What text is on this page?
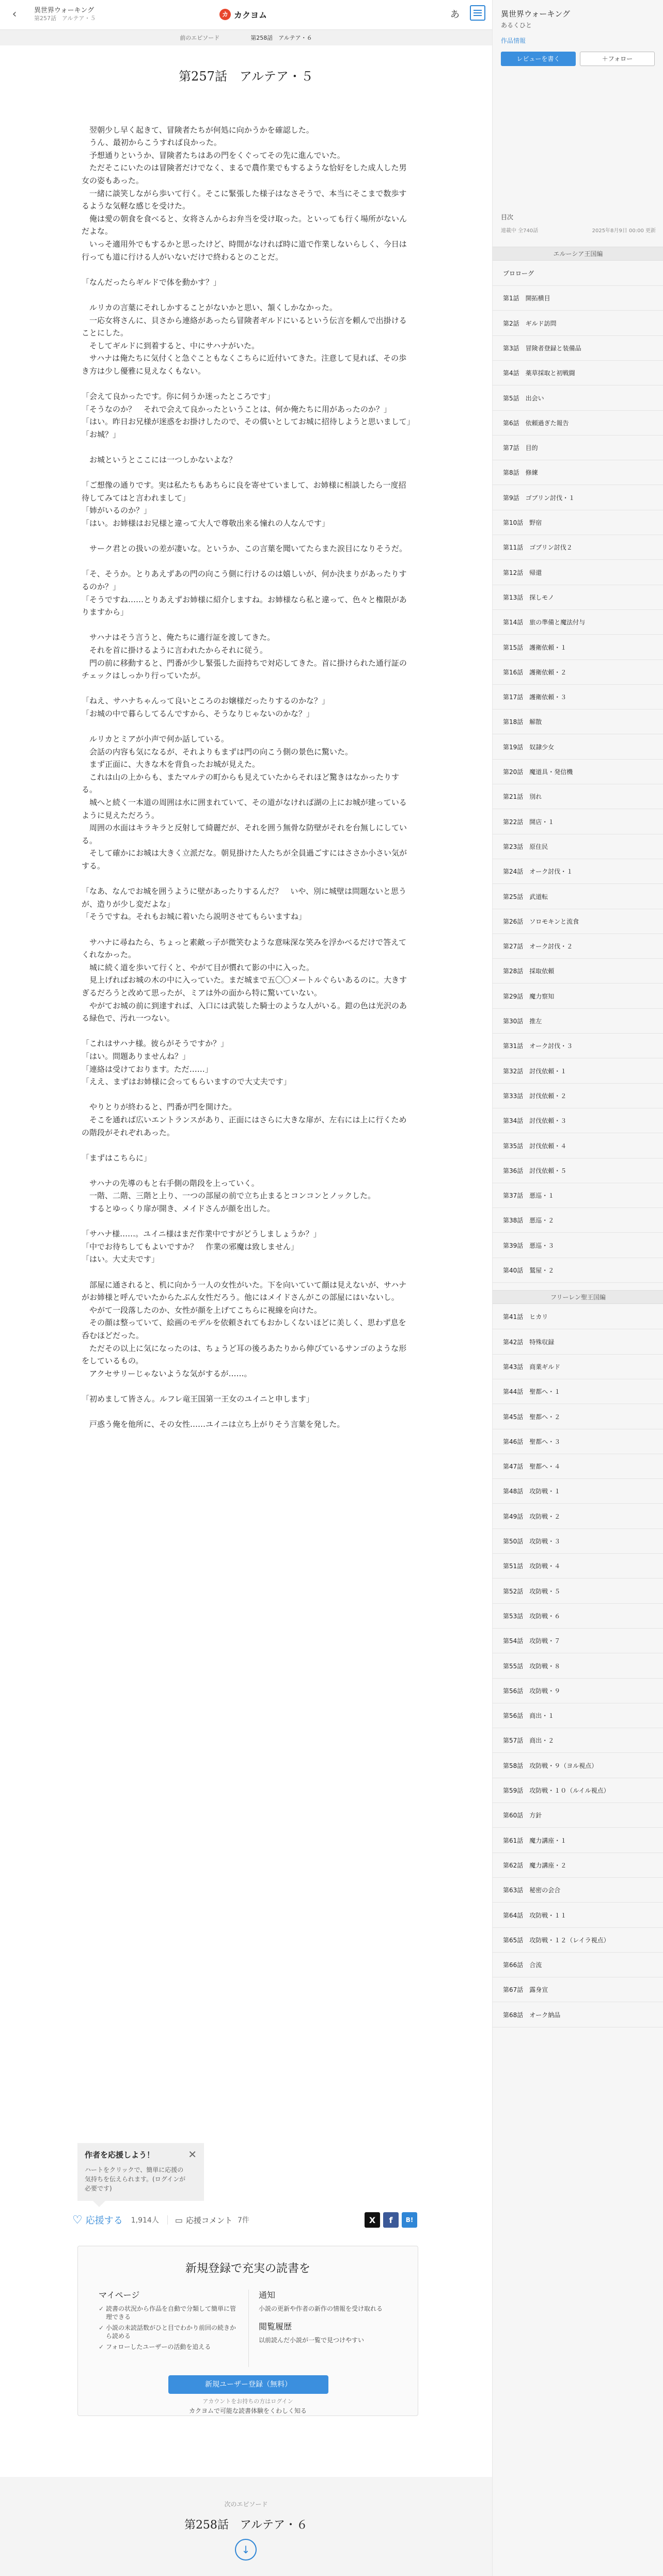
‹	異世界ウォーキング
第257話　アルテア・５
カ カクヨム	あ
前のエピソード	第258話　アルテア・６
第257話　アルテア・５

　翌朝少し早く起きて、冒険者たちが何処に向かうかを確認した。

　うん、最初からこうすれば良かった。

　予想通りというか、冒険者たちはあの門をくぐってその先に進んでいた。

　ただそこにいたのは冒険者だけでなく、まるで農作業でもするような恰好をした成人した男女の姿もあった。

　一緒に談笑しながら歩いて行く。そこに緊張した様子はなさそうで、本当にそこまで数歩するような気軽な感じを受けた。

　俺は愛の朝食を食べると、女将さんからお弁当を受け取った。といっても行く場所がないんだよな。

　いっそ適用外でもするかと思ったけど、時間がなければ時に道で作業しないらしく、今日は行っても道に行ける人がいないだけで終わるとのことだ。

「なんだったらギルドで体を動かす？」

　ルリカの言葉にそれしかすることがないかと思い、頷くしかなかった。

　一応女将さんに、貝さから連絡があったら冒険者ギルドにいるという伝言を頼んで出掛けることにした。

　そしてギルドに到着すると、中にサハナがいた。

　サハナは俺たちに気付くと急ぐこともなくこちらに近付いてきた。注意して見れば、その歩き方は少し優雅に見えなくもない。

「会えて良かったです。你に伺うか迷ったところです」

「そうなのか？　それで会えて良かったということは、何か俺たちに用があったのか？」

「はい。昨日お兄様が迷惑をお掛けしたので、その償いとしてお城に招待しようと思いまして」

「お城？」

　お城というとここには一つしかないよな？

「ご想像の通りです。実は私たちもあちらに良を寄せていまして、お姉様に相談したら一度招待してみてはと言われまして」

「姉がいるのか？」

「はい。お姉様はお兄様と違って大人で尊敬出来る憧れの人なんです」

　サーク君との扱いの差が凄いな。というか、この言葉を聞いてたらまた涙目になりそうだ。

「そ、そうか。とりあえずあの門の向こう側に行けるのは嬉しいが、何か決まりがあったりするのか？」

「そうですね……とりあえずお姉様に紹介しますね。お姉様なら私と違って、色々と権限がありますから」

　サハナはそう言うと、俺たちに適行証を渡してきた。

　それを首に掛けるように言われたからそれに従う。

　門の前に移動すると、門番が少し緊張した面持ちで対応してきた。首に掛けられた通行証のチェックはしっかり行っていたが。

「ねえ、サハナちゃんって良いところのお嬢様だったりするのかな？」

「お城の中で暮らしてるんですから、そうなりじゃないのかな？」

　ルリカとミアが小声で何か話している。

　会話の内容も気になるが、それよりもまずは門の向こう側の景色に驚いた。

　まず正面に、大きな木を背負ったお城が見えた。

　これは山の上からも、またマルテの町からも見えていたからそれほど驚きはなかったりする。

　城へと続く一本道の周囲は水に囲まれていて、その道がなければ湖の上にお城が建っているように見えただろう。

　周囲の水面はキラキラと反射して綺麗だが、それを囲う無骨な防壁がそれを台無しにしている。

　そして確かにお城は大きく立派だな。朝見掛けた人たちが全員過ごすにはささか小さい気がする。

「なあ、なんでお城を囲うように壁があったりするんだ？　いや、別に城壁は問題ないと思うが、造りが少し変だよな」

「そうですね。それもお城に着いたら説明させてもらいますね」

　サハナに尋ねたら、ちょっと素敵っ子が微笑むような意味深な笑みを浮かべるだけで答えてくれなかった。

　城に続く道を歩いて行くと、やがて目が慣れて影の中に入った。

　見上げればお城の木の中に入っていた。まだ城まで五〇〇メートルぐらいあるのに。大きすぎるだろうと改めて思ったが、ミアは外の面から特に驚いていない。

　やがてお城の前に到達すれば、入口には武装した騎士のような人がいる。鎧の色は光沢のある緑色で、汚れ一つない。

「これはサハナ様。彼らがそうですか？」

「はい。問題ありませんね？」

「連絡は受けております。ただ……」

「ええ、まずはお姉様に会ってもらいますので大丈夫です」

　やりとりが終わると、門番が門を開けた。

　そこを通れば広いエントランスがあり、正面にはさらに大きな扉が、左右には上に行くための階段がそれぞれあった。

「まずはこちらに」

　サハナの先導のもと右手側の階段を上っていく。

　一階、二階、三階と上り、一つの部屋の前で立ち止まるとコンコンとノックした。

　するとゆっくり扉が開き、メイドさんが顔を出した。

「サハナ様……。ユイニ様はまだ作業中ですがどうしましょうか？」

「中でお待ちしてもよいですか？　作業の邪魔は致しません」

「はい。大丈夫です」

　部屋に通されると、机に向かう一人の女性がいた。下を向いていて顔は見えないが、サハナがお姉様と呼んでいたからたぶん女性だろう。他にはメイドさんがこの部屋にはいないし。

　やがて一段落したのか、女性が顔を上げてこちらに視線を向けた。

　その顔は整っていて、絵画のモデルを依頼されてもおかしくないほどに美しく、思わず息を呑むほどだった。

　ただその以上に気になったのは、ちょうど耳の後ろあたりから伸びているサンゴのような形をしているもの。

　アクセサリーじゃないような気がするが……。

「初めまして皆さん。ルフレ竜王国第一王女のユイニと申します」

　戸惑う俺を他所に、その女性……ユイニは立ち上がりそう言葉を発した。

作者を応援しよう！
ハートをクリックで、簡単に応援の気持ちを伝えられます。(ログインが必要です)
✕
♡ 応援する 1,914人 ▭ 応援コメント 7件	X	f	B!
新規登録で充実の読書を
マイページ
✓ 読書の状況から作品を自動で分類して簡単に管理できる
✓ 小説の未読話数がひと目でわかり前回の続きから読める
✓ フォローしたユーザーの活動を追える
通知
小説の更新や作者の新作の情報を受け取れる
閲覧履歴
以前読んだ小説が一覧で見つけやすい
新規ユーザー登録（無料）
アカウントをお持ちの方はログイン
カクヨムで可能な読書体験をくわしく知る
次のエピソード
第258話　アルテア・６
↓
異世界ウォーキング
あるくひと
作品情報
レビューを書く	＋フォロー
目次
連載中 全740話	2025年8月9日 00:00 更新
エルーシア王国編
プロローグ
第1話　開拓横目
第2話　ギルド訪問
第3話　冒険者登録と装備品
第4話　薬草採取と初戦闘
第5話　出会い
第6話　依頼過ぎた報告
第7話　目的
第8話　修練
第9話　ゴブリン討伐・１
第10話　野宿
第11話　ゴブリン討伐２
第12話　帰還
第13話　探しモノ
第14話　旅の準備と魔法付与
第15話　護衛依頼・１
第16話　護衛依頼・２
第17話　護衛依頼・３
第18話　解散
第19話　奴隷少女
第20話　魔道具・発信機
第21話　別れ
第22話　開店・１
第23話　原住民
第24話　オーク討伐・１
第25話　武道転
第26話　ソロモキンと流食
第27話　オーク討伐・２
第28話　採取依頼
第29話　魔力察知
第30話　推左
第31話　オーク討伐・３
第32話　討伐依頼・１
第33話　討伐依頼・２
第34話　討伐依頼・３
第35話　討伐依頼・４
第36話　討伐依頼・５
第37話　悪巡・１
第38話　悪巡・２
第39話　悪巡・３
第40話　鷲屋・２
フリーレン聖王国編
第41話　ヒカリ
第42話　特殊収録
第43話　商業ギルド
第44話　聖都へ・１
第45話　聖都へ・２
第46話　聖都へ・３
第47話　聖都へ・４
第48話　攻防戦・１
第49話　攻防戦・２
第50話　攻防戦・３
第51話　攻防戦・４
第52話　攻防戦・５
第53話　攻防戦・６
第54話　攻防戦・７
第55話　攻防戦・８
第56話　攻防戦・９
第56話　商出・１
第57話　商出・２
第58話　攻防戦・９（ヨル視点）
第59話　攻防戦・１０（ルイル視点）
第60話　方針
第61話　魔力講座・１
第62話　魔力講座・２
第63話　秘密の会合
第64話　攻防戦・１１
第65話　攻防戦・１２（レイラ視点）
第66話　合流
第67話　露身宣
第68話　オーク納品
